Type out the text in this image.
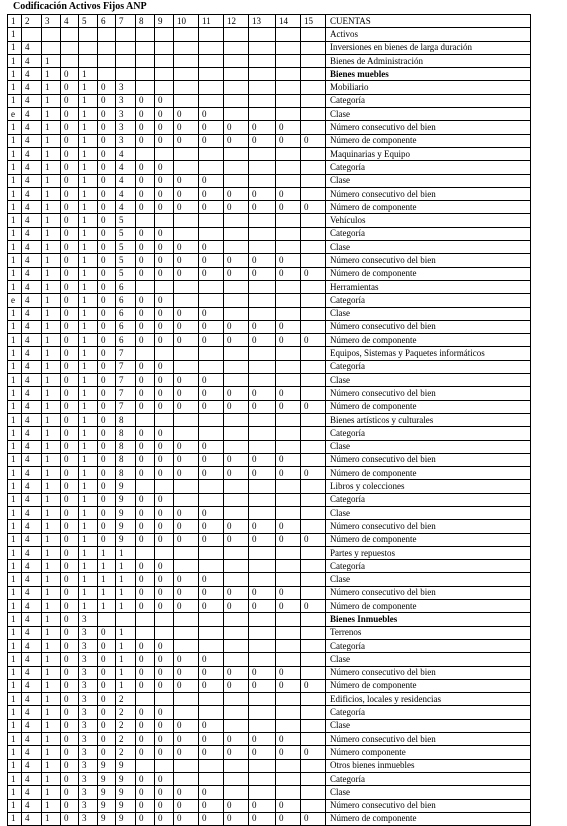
Codificación Activos Fijos ANP
1	2	3	4	5	6	7	8	9	10	11	12	13	14	15	CUENTAS
1															Activos
1	4														Inversiones en bienes de larga duración
1	4	1													Bienes de Administración
1	4	1	0	1											Bienes muebles
1	4	1	0	1	0	3									Mobiliario
1	4	1	0	1	0	3	0	0							Categoría
e	4	1	0	1	0	3	0	0	0	0					Clase
1	4	1	0	1	0	3	0	0	0	0	0	0	0		Número consecutivo del bien
1	4	1	0	1	0	3	0	0	0	0	0	0	0	0	Número de componente
1	4	1	0	1	0	4									Maquinarias y Equipo
1	4	1	0	1	0	4	0	0							Categoría
1	4	1	0	1	0	4	0	0	0	0					Clase
1	4	1	0	1	0	4	0	0	0	0	0	0	0		Número consecutivo del bien
1	4	1	0	1	0	4	0	0	0	0	0	0	0	0	Número de componente
1	4	1	0	1	0	5									Vehículos
1	4	1	0	1	0	5	0	0							Categoría
1	4	1	0	1	0	5	0	0	0	0					Clase
1	4	1	0	1	0	5	0	0	0	0	0	0	0		Número consecutivo del bien
1	4	1	0	1	0	5	0	0	0	0	0	0	0	0	Número de componente
1	4	1	0	1	0	6									Herramientas
e	4	1	0	1	0	6	0	0							Categoría
1	4	1	0	1	0	6	0	0	0	0					Clase
1	4	1	0	1	0	6	0	0	0	0	0	0	0		Número consecutivo del bien
1	4	1	0	1	0	6	0	0	0	0	0	0	0	0	Número de componente
1	4	1	0	1	0	7									Equipos, Sistemas y Paquetes informáticos
1	4	1	0	1	0	7	0	0							Categoría
1	4	1	0	1	0	7	0	0	0	0					Clase
1	4	1	0	1	0	7	0	0	0	0	0	0	0		Número consecutivo del bien
1	4	1	0	1	0	7	0	0	0	0	0	0	0	0	Número de componente
1	4	1	0	1	0	8									Bienes artísticos y culturales
1	4	1	0	1	0	8	0	0							Categoría
1	4	1	0	1	0	8	0	0	0	0					Clase
1	4	1	0	1	0	8	0	0	0	0	0	0	0		Número consecutivo del bien
1	4	1	0	1	0	8	0	0	0	0	0	0	0	0	Número de componente
1	4	1	0	1	0	9									Libros y colecciones
1	4	1	0	1	0	9	0	0							Categoría
1	4	1	0	1	0	9	0	0	0	0					Clase
1	4	1	0	1	0	9	0	0	0	0	0	0	0		Número consecutivo del bien
1	4	1	0	1	0	9	0	0	0	0	0	0	0	0	Número de componente
1	4	1	0	1	1	1									Partes y repuestos
1	4	1	0	1	1	1	0	0							Categoría
1	4	1	0	1	1	1	0	0	0	0					Clase
1	4	1	0	1	1	1	0	0	0	0	0	0	0		Número consecutivo del bien
1	4	1	0	1	1	1	0	0	0	0	0	0	0	0	Número de componente
1	4	1	0	3											Bienes Inmuebles
1	4	1	0	3	0	1									Terrenos
1	4	1	0	3	0	1	0	0							Categoría
1	4	1	0	3	0	1	0	0	0	0					Clase
1	4	1	0	3	0	1	0	0	0	0	0	0	0		Número consecutivo del bien
1	4	1	0	3	0	1	0	0	0	0	0	0	0	0	Número de componente
1	4	1	0	3	0	2									Edificios, locales y residencias
1	4	1	0	3	0	2	0	0							Categoría
1	4	1	0	3	0	2	0	0	0	0					Clase
1	4	1	0	3	0	2	0	0	0	0	0	0	0		Número consecutivo del bien
1	4	1	0	3	0	2	0	0	0	0	0	0	0	0	Número componente
1	4	1	0	3	9	9									Otros bienes inmuebles
1	4	1	0	3	9	9	0	0							Categoría
1	4	1	0	3	9	9	0	0	0	0					Clase
1	4	1	0	3	9	9	0	0	0	0	0	0	0		Número consecutivo del bien
1	4	1	0	3	9	9	0	0	0	0	0	0	0	0	Número de componente
